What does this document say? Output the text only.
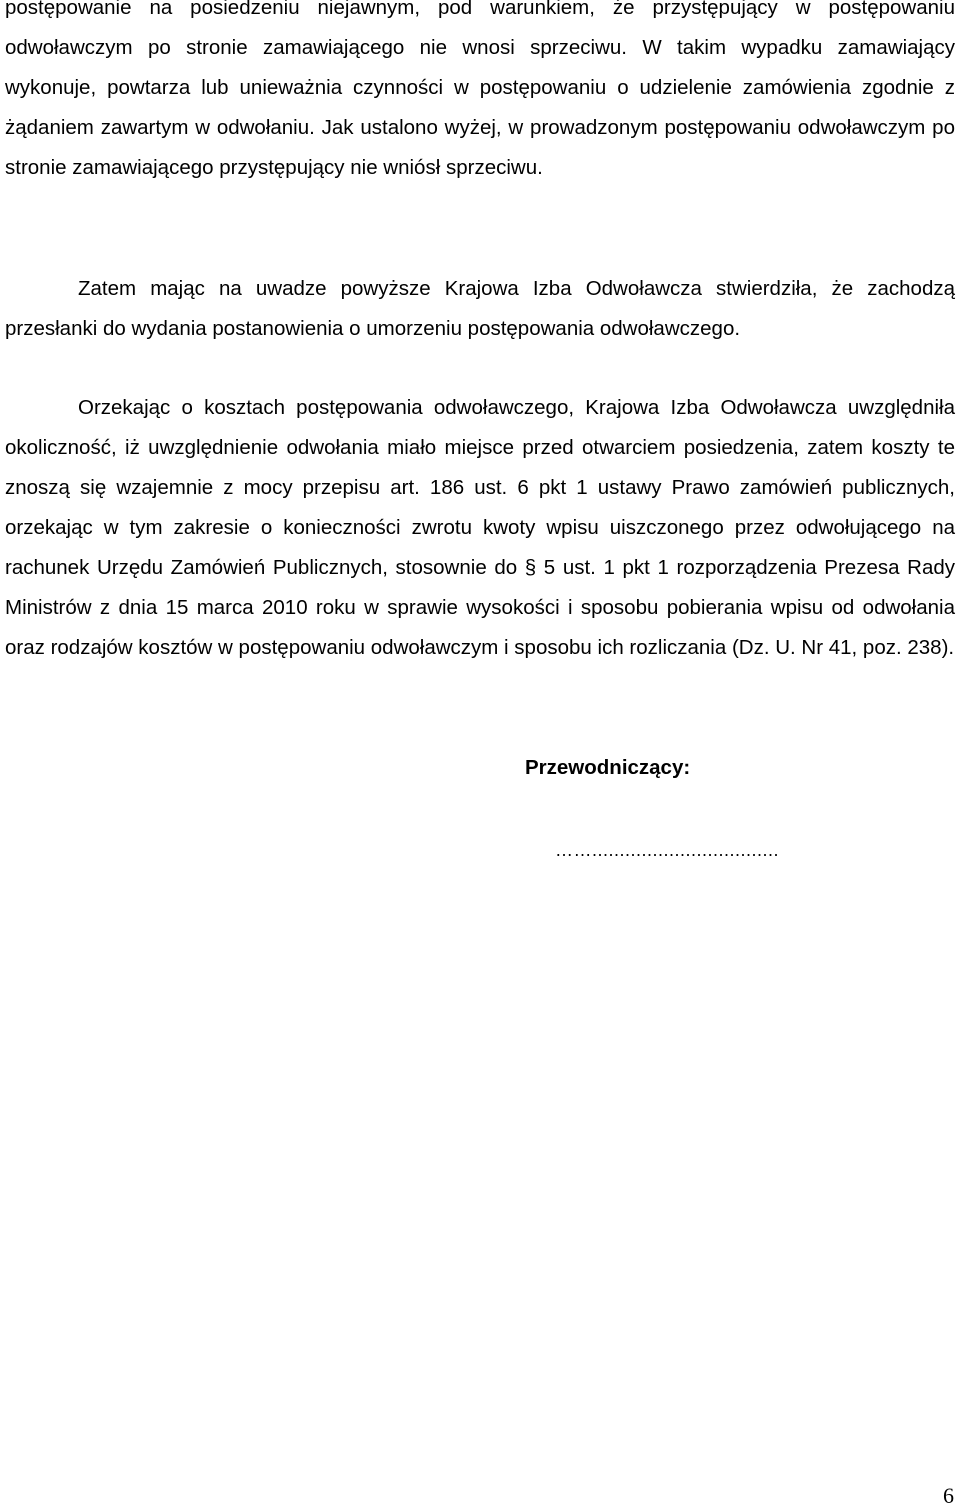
postępowanie na posiedzeniu niejawnym, pod warunkiem, że przystępujący w postępowaniu odwoławczym po stronie zamawiającego nie wnosi sprzeciwu. W takim wypadku zamawiający wykonuje, powtarza lub unieważnia czynności w postępowaniu o udzielenie zamówienia zgodnie z żądaniem zawartym w odwołaniu. Jak ustalono wyżej, w prowadzonym postępowaniu odwoławczym po stronie zamawiającego przystępujący nie wniósł sprzeciwu.

Zatem mając na uwadze powyższe Krajowa Izba Odwoławcza stwierdziła, że zachodzą przesłanki do wydania postanowienia o umorzeniu postępowania odwoławczego.

Orzekając o kosztach postępowania odwoławczego, Krajowa Izba Odwoławcza uwzględniła okoliczność, iż uwzględnienie odwołania miało miejsce przed otwarciem posiedzenia, zatem koszty te znoszą się wzajemnie z mocy przepisu art. 186 ust. 6 pkt 1 ustawy Prawo zamówień publicznych, orzekając w tym zakresie o konieczności zwrotu kwoty wpisu uiszczonego przez odwołującego na rachunek Urzędu Zamówień Publicznych, stosownie do § 5 ust. 1 pkt 1 rozporządzenia Prezesa Rady Ministrów z dnia 15 marca 2010 roku w sprawie wysokości i sposobu pobierania wpisu od odwołania oraz rodzajów kosztów w postępowaniu odwoławczym i sposobu ich rozliczania (Dz. U. Nr 41, poz. 238).

Przewodniczący:

……..................................

6
